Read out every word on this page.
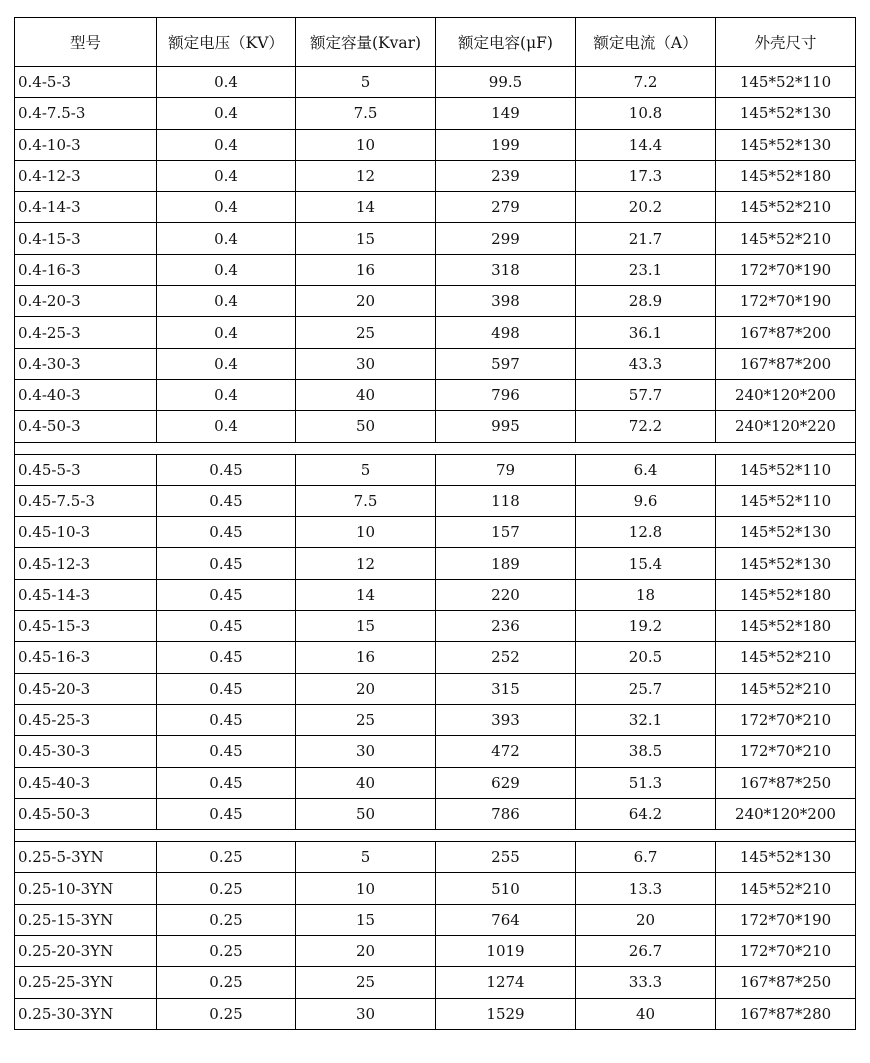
型号	额定电压（KV）	额定容量(Kvar)	额定电容(μF)	额定电流（A）	外壳尺寸
0.4-5-3	0.4	5	99.5	7.2	145*52*110
0.4-7.5-3	0.4	7.5	149	10.8	145*52*130
0.4-10-3	0.4	10	199	14.4	145*52*130
0.4-12-3	0.4	12	239	17.3	145*52*180
0.4-14-3	0.4	14	279	20.2	145*52*210
0.4-15-3	0.4	15	299	21.7	145*52*210
0.4-16-3	0.4	16	318	23.1	172*70*190
0.4-20-3	0.4	20	398	28.9	172*70*190
0.4-25-3	0.4	25	498	36.1	167*87*200
0.4-30-3	0.4	30	597	43.3	167*87*200
0.4-40-3	0.4	40	796	57.7	240*120*200
0.4-50-3	0.4	50	995	72.2	240*120*220

0.45-5-3	0.45	5	79	6.4	145*52*110
0.45-7.5-3	0.45	7.5	118	9.6	145*52*110
0.45-10-3	0.45	10	157	12.8	145*52*130
0.45-12-3	0.45	12	189	15.4	145*52*130
0.45-14-3	0.45	14	220	18	145*52*180
0.45-15-3	0.45	15	236	19.2	145*52*180
0.45-16-3	0.45	16	252	20.5	145*52*210
0.45-20-3	0.45	20	315	25.7	145*52*210
0.45-25-3	0.45	25	393	32.1	172*70*210
0.45-30-3	0.45	30	472	38.5	172*70*210
0.45-40-3	0.45	40	629	51.3	167*87*250
0.45-50-3	0.45	50	786	64.2	240*120*200

0.25-5-3YN	0.25	5	255	6.7	145*52*130
0.25-10-3YN	0.25	10	510	13.3	145*52*210
0.25-15-3YN	0.25	15	764	20	172*70*190
0.25-20-3YN	0.25	20	1019	26.7	172*70*210
0.25-25-3YN	0.25	25	1274	33.3	167*87*250
0.25-30-3YN	0.25	30	1529	40	167*87*280
